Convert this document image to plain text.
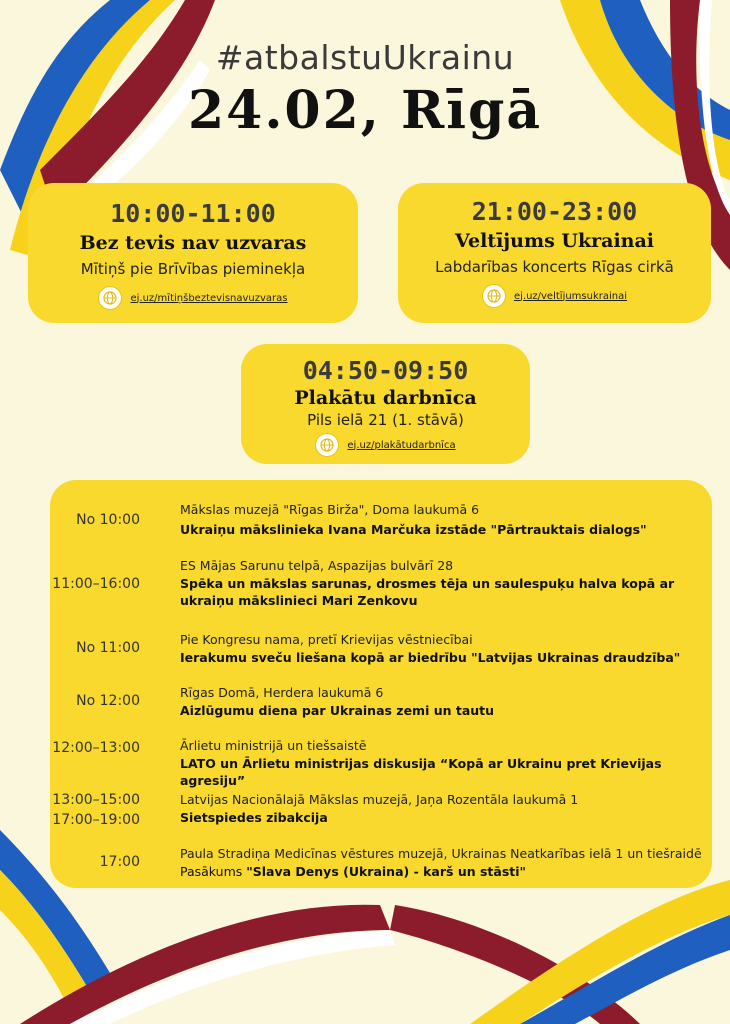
#atbalstuUkrainu
24.02, Rīgā
10:00-11:00
Bez tevis nav uzvaras
Mītiņš pie Brīvības pieminekļa
ej.uz/mītiņšbeztevisnavuzvaras
21:00-23:00
Veltījums Ukrainai
Labdarības koncerts Rīgas cirkā
ej.uz/veltījumsukrainai
04:50-09:50
Plakātu darbnīca
Pils ielā 21 (1. stāvā)
ej.uz/plakātudarbnīca
No 10:00
Mākslas muzejā "Rīgas Birža", Doma laukumā 6
Ukraiņu mākslinieka Ivana Marčuka izstāde "Pārtrauktais dialogs"
11:00–16:00
ES Mājas Sarunu telpā, Aspazijas bulvārī 28
Spēka un mākslas sarunas, drosmes tēja un saulespuķu halva kopā ar ukraiņu mākslinieci Mari Zenkovu
No 11:00
Pie Kongresu nama, pretī Krievijas vēstniecībai
Ierakumu sveču liešana kopā ar biedrību "Latvijas Ukrainas draudzība"
No 12:00
Rīgas Domā, Herdera laukumā 6
Aizlūgumu diena par Ukrainas zemi un tautu
12:00–13:00	Ārlietu ministrijā un tiešsaistē
LATO un Ārlietu ministrijas diskusija “Kopā ar Ukrainu pret Krievijas agresiju”
13:00–15:00
17:00–19:00
Latvijas Nacionālajā Mākslas muzejā, Jaņa Rozentāla laukumā 1
Sietspiedes zibakcija
17:00
Paula Stradiņa Medicīnas vēstures muzejā, Ukrainas Neatkarības ielā 1 un tiešraidē
Pasākums "Slava Denys (Ukraina) - karš un stāsti"
